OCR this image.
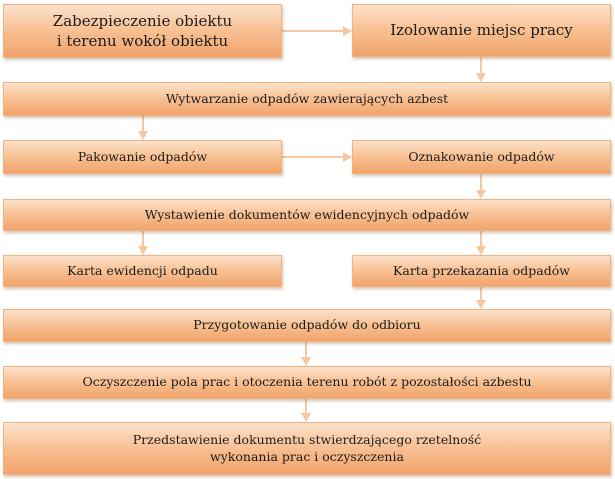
Zabezpieczenie obiektu
i terenu wokół obiektu
Izolowanie miejsc pracy
Wytwarzanie odpadów zawierających azbest
Pakowanie odpadów	Oznakowanie odpadów
Wystawienie dokumentów ewidencyjnych odpadów
Karta ewidencji odpadu	Karta przekazania odpadów
Przygotowanie odpadów do odbioru
Oczyszczenie pola prac i otoczenia terenu robót z pozostałości azbestu
Przedstawienie dokumentu stwierdzającego rzetelność
wykonania prac i oczyszczenia
